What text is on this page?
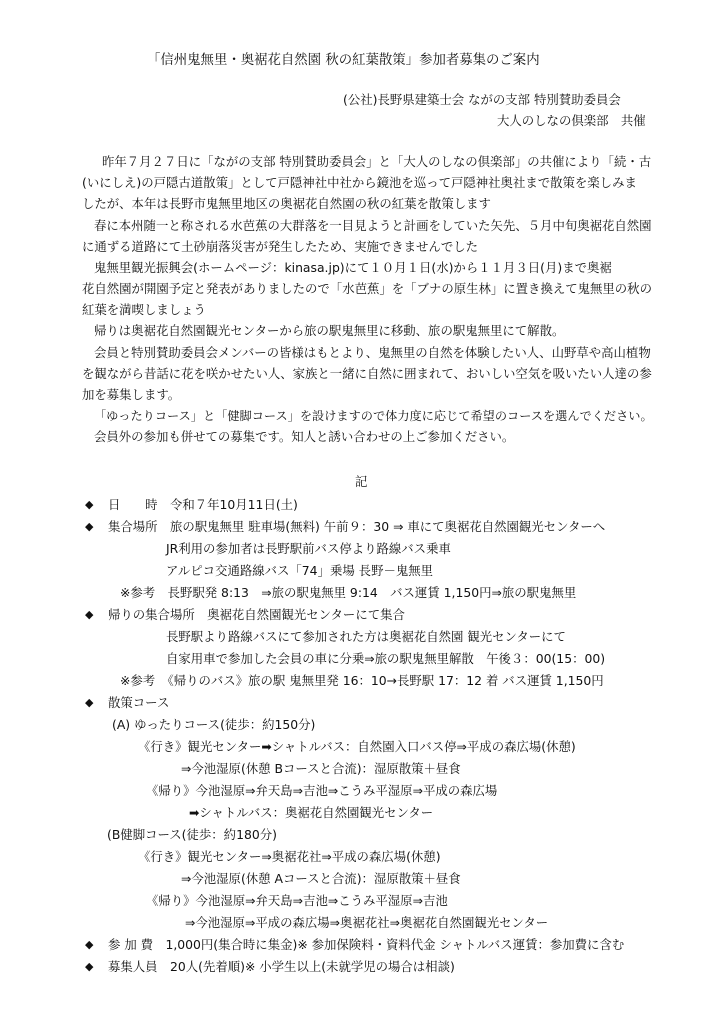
「信州鬼無里・奥裾花自然園 秋の紅葉散策」参加者募集のご案内
(公社)長野県建築士会 ながの支部 特別賛助委員会
大人のしなの倶楽部　共催
昨年７月２７日に「ながの支部 特別賛助委員会」と「大人のしなの倶楽部」の共催により「続・古
(いにしえ)の戸隠古道散策」として戸隠神社中社から鏡池を巡って戸隠神社奥社まで散策を楽しみま
したが、本年は長野市鬼無里地区の奥裾花自然園の秋の紅葉を散策します
春に本州随一と称される水芭蕉の大群落を一目見ようと計画をしていた矢先、５月中旬奥裾花自然園
に通ずる道路にて土砂崩落災害が発生したため、実施できませんでした
鬼無里観光振興会(ホームページ：kinasa.jp)にて１０月１日(水)から１１月３日(月)まで奥裾
花自然園が開園予定と発表がありましたので「水芭蕉」を「ブナの原生林」に置き換えて鬼無里の秋の
紅葉を満喫しましょう
帰りは奥裾花自然園観光センターから旅の駅鬼無里に移動、旅の駅鬼無里にて解散。
会員と特別賛助委員会メンバーの皆様はもとより、鬼無里の自然を体験したい人、山野草や高山植物
を観ながら昔話に花を咲かせたい人、家族と一緒に自然に囲まれて、おいしい空気を吸いたい人達の参
加を募集します。
「ゆったりコース」と「健脚コース」を設けますので体力度に応じて希望のコースを選んでください。
会員外の参加も併せての募集です。知人と誘い合わせの上ご参加ください。
記
◆ 日　　時　令和７年10月11日(土)
◆ 集合場所　旅の駅鬼無里 駐車場(無料) 午前９：30 ⇒ 車にて奥裾花自然園観光センターへ
JR利用の参加者は長野駅前バス停より路線バス乗車
アルピコ交通路線バス「74」乗場 長野－鬼無里
※参考　長野駅発 8:13　⇒旅の駅鬼無里 9:14　バス運賃 1,150円⇒旅の駅鬼無里
◆ 帰りの集合場所　奥裾花自然園観光センターにて集合
長野駅より路線バスにて参加された方は奥裾花自然園 観光センターにて
自家用車で参加した会員の車に分乗⇒旅の駅鬼無里解散　午後３：00(15：00)
※参考　《帰りのバス》旅の駅 鬼無里発 16：10→長野駅 17：12 着 バス運賃 1,150円
◆ 散策コース
(A) ゆったりコース(徒歩：約150分)
《行き》観光センター➡シャトルバス：自然園入口バス停⇒平成の森広場(休憩)
⇒今池湿原(休憩 Bコースと合流)：湿原散策＋昼食
《帰り》今池湿原⇒弁天島⇒吉池⇒こうみ平湿原⇒平成の森広場
➡シャトルバス：奥裾花自然園観光センター
(B健脚コース(徒歩：約180分)
《行き》観光センター⇒奥裾花社⇒平成の森広場(休憩)
⇒今池湿原(休憩 Aコースと合流)：湿原散策＋昼食
《帰り》今池湿原⇒弁天島⇒吉池⇒こうみ平湿原⇒吉池
⇒今池湿原⇒平成の森広場⇒奥裾花社⇒奥裾花自然園観光センター
◆ 参 加 費　1,000円(集合時に集金)※ 参加保険料・資料代金 シャトルバス運賃：参加費に含む
◆ 募集人員　20人(先着順)※ 小学生以上(未就学児の場合は相談)
